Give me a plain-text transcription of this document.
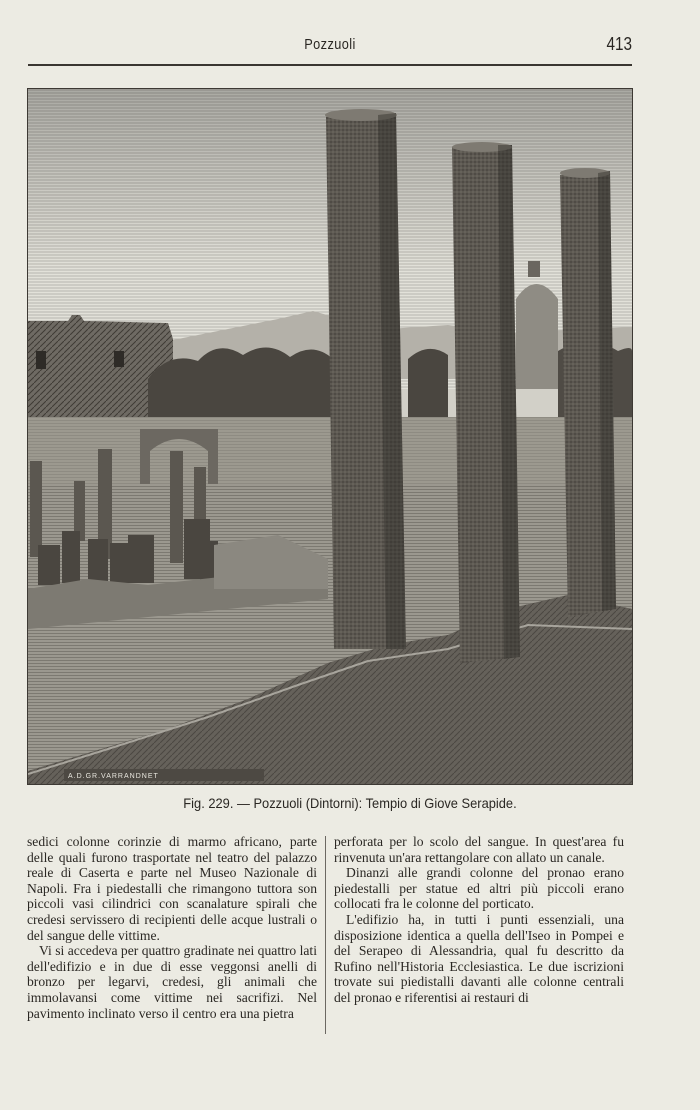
Pozzuoli	413
A.D.GR.VARRANDNET
Fig. 229. — Pozzuoli (Dintorni): Tempio di Giove Serapide.

sedici colonne corinzie di marmo africano, parte delle quali furono trasportate nel teatro del palazzo reale di Caserta e parte nel Museo Nazionale di Napoli. Fra i piedestalli che rimangono tuttora son piccoli vasi cilindrici con scanalature spirali che credesi servissero di recipienti delle acque lustrali o del sangue delle vittime.

Vi si accedeva per quattro gradinate nei quattro lati dell'edifizio e in due di esse veggonsi anelli di bronzo per legarvi, credesi, gli animali che immolavansi come vittime nei sacrifizi. Nel pavimento inclinato verso il centro era una pietra

perforata per lo scolo del sangue. In quest'area fu rinvenuta un'ara rettangolare con allato un canale.

Dinanzi alle grandi colonne del pronao erano piedestalli per statue ed altri più piccoli erano collocati fra le colonne del porticato.

L'edifizio ha, in tutti i punti essenziali, una disposizione identica a quella dell'Iseo in Pompei e del Serapeo di Alessandria, qual fu descritto da Rufino nell'Historia Ecclesiastica. Le due iscrizioni trovate sui piedistalli davanti alle colonne centrali del pronao e riferentisi ai restauri di
